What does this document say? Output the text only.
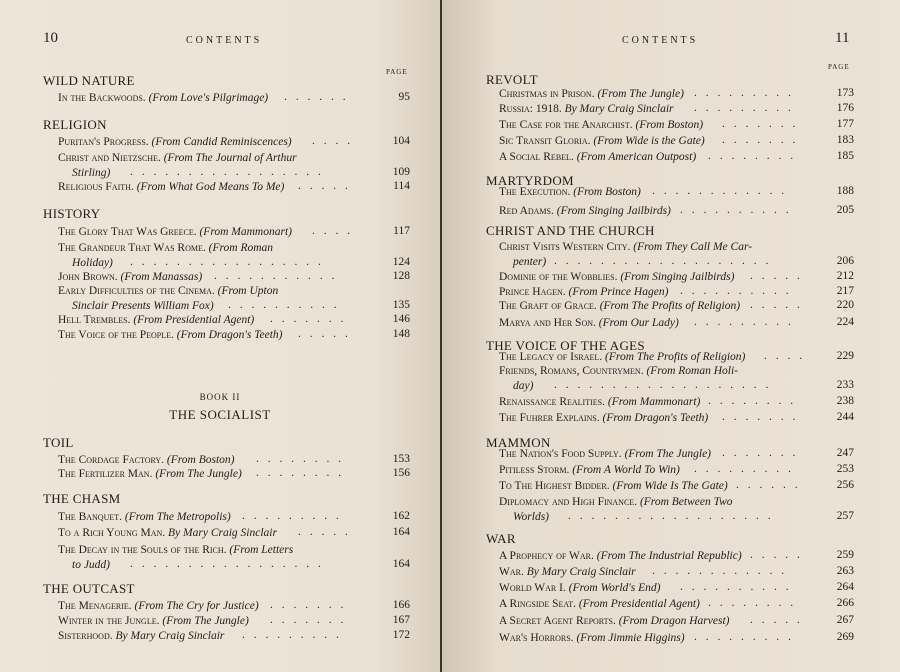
10	CONTENTS
PAGE
BOOK II
THE SOCIALIST
WILD NATURE
In the Backwoods. (From Love's Pilgrimage)	95
. . . . . .
RELIGION
Puritan's Progress. (From Candid Reminiscences)	104
. . . .
Christ and Nietzsche. (From The Journal of Arthur
Stirling)	109
. . . . . . . . . . . . . . . . .
Religious Faith. (From What God Means To Me)	114
. . . . .
HISTORY
The Glory That Was Greece. (From Mammonart)	117
. . . .
The Grandeur That Was Rome. (From Roman
Holiday)	124
. . . . . . . . . . . . . . . . .
John Brown. (From Manassas)	128
. . . . . . . . . . .
Early Difficulties of the Cinema. (From Upton
Sinclair Presents William Fox)	135
. . . . . . . . . .
Hell Trembles. (From Presidential Agent)	146
. . . . . . .
The Voice of the People. (From Dragon's Teeth)	148
. . . . .
TOIL
The Cordage Factory. (From Boston)	153
. . . . . . . .
The Fertilizer Man. (From The Jungle)	156
. . . . . . . .
THE CHASM
The Banquet. (From The Metropolis)	162
. . . . . . . . .
To a Rich Young Man. By Mary Craig Sinclair	164
. . . . .
The Decay in the Souls of the Rich. (From Letters
to Judd)	164
. . . . . . . . . . . . . . . . .
THE OUTCAST
The Menagerie. (From The Cry for Justice)	166
. . . . . . .
Winter in the Jungle. (From The Jungle)	167
. . . . . . .
Sisterhood. By Mary Craig Sinclair	172
. . . . . . . . .
11
CONTENTS
PAGE
REVOLT
Christmas in Prison. (From The Jungle)	173
. . . . . . . . .
Russia: 1918. By Mary Craig Sinclair	176
. . . . . . . . .
The Case for the Anarchist. (From Boston)	177
. . . . . . .
Sic Transit Gloria. (From Wide is the Gate)	183
. . . . . . .
A Social Rebel. (From American Outpost)	185
. . . . . . . .
MARTYRDOM
The Execution. (From Boston)	188
. . . . . . . . . . . .
Red Adams. (From Singing Jailbirds)	205
. . . . . . . . . .
CHRIST AND THE CHURCH
Christ Visits Western City. (From They Call Me Car-
penter)	206
. . . . . . . . . . . . . . . . . . .
Dominie of the Wobblies. (From Singing Jailbirds)	212
. . . . .
Prince Hagen. (From Prince Hagen)	217
. . . . . . . . . .
The Graft of Grace. (From The Profits of Religion)	220
. . . . .
Marya and Her Son. (From Our Lady)	224
. . . . . . . . .
THE VOICE OF THE AGES
The Legacy of Israel. (From The Profits of Religion)	229
. . . .
Friends, Romans, Countrymen. (From Roman Holi-
day)	233
. . . . . . . . . . . . . . . . . . .
Renaissance Realities. (From Mammonart)	238
. . . . . . . .
The Fuhrer Explains. (From Dragon's Teeth)	244
. . . . . . .
MAMMON
The Nation's Food Supply. (From The Jungle)	247
. . . . . . .
Pitiless Storm. (From A World To Win)	253
. . . . . . . . .
To The Highest Bidder. (From Wide Is The Gate)	256
. . . . . .
Diplomacy and High Finance. (From Between Two
Worlds)	257
. . . . . . . . . . . . . . . . . .
WAR
A Prophecy of War. (From The Industrial Republic)	259
. . . . .
War. By Mary Craig Sinclair	263
. . . . . . . . . . . .
World War I. (From World's End)	264
. . . . . . . . . .
A Ringside Seat. (From Presidential Agent)	266
. . . . . . . .
A Secret Agent Reports. (From Dragon Harvest)	267
. . . . .
War's Horrors. (From Jimmie Higgins)	269
. . . . . . . . .
